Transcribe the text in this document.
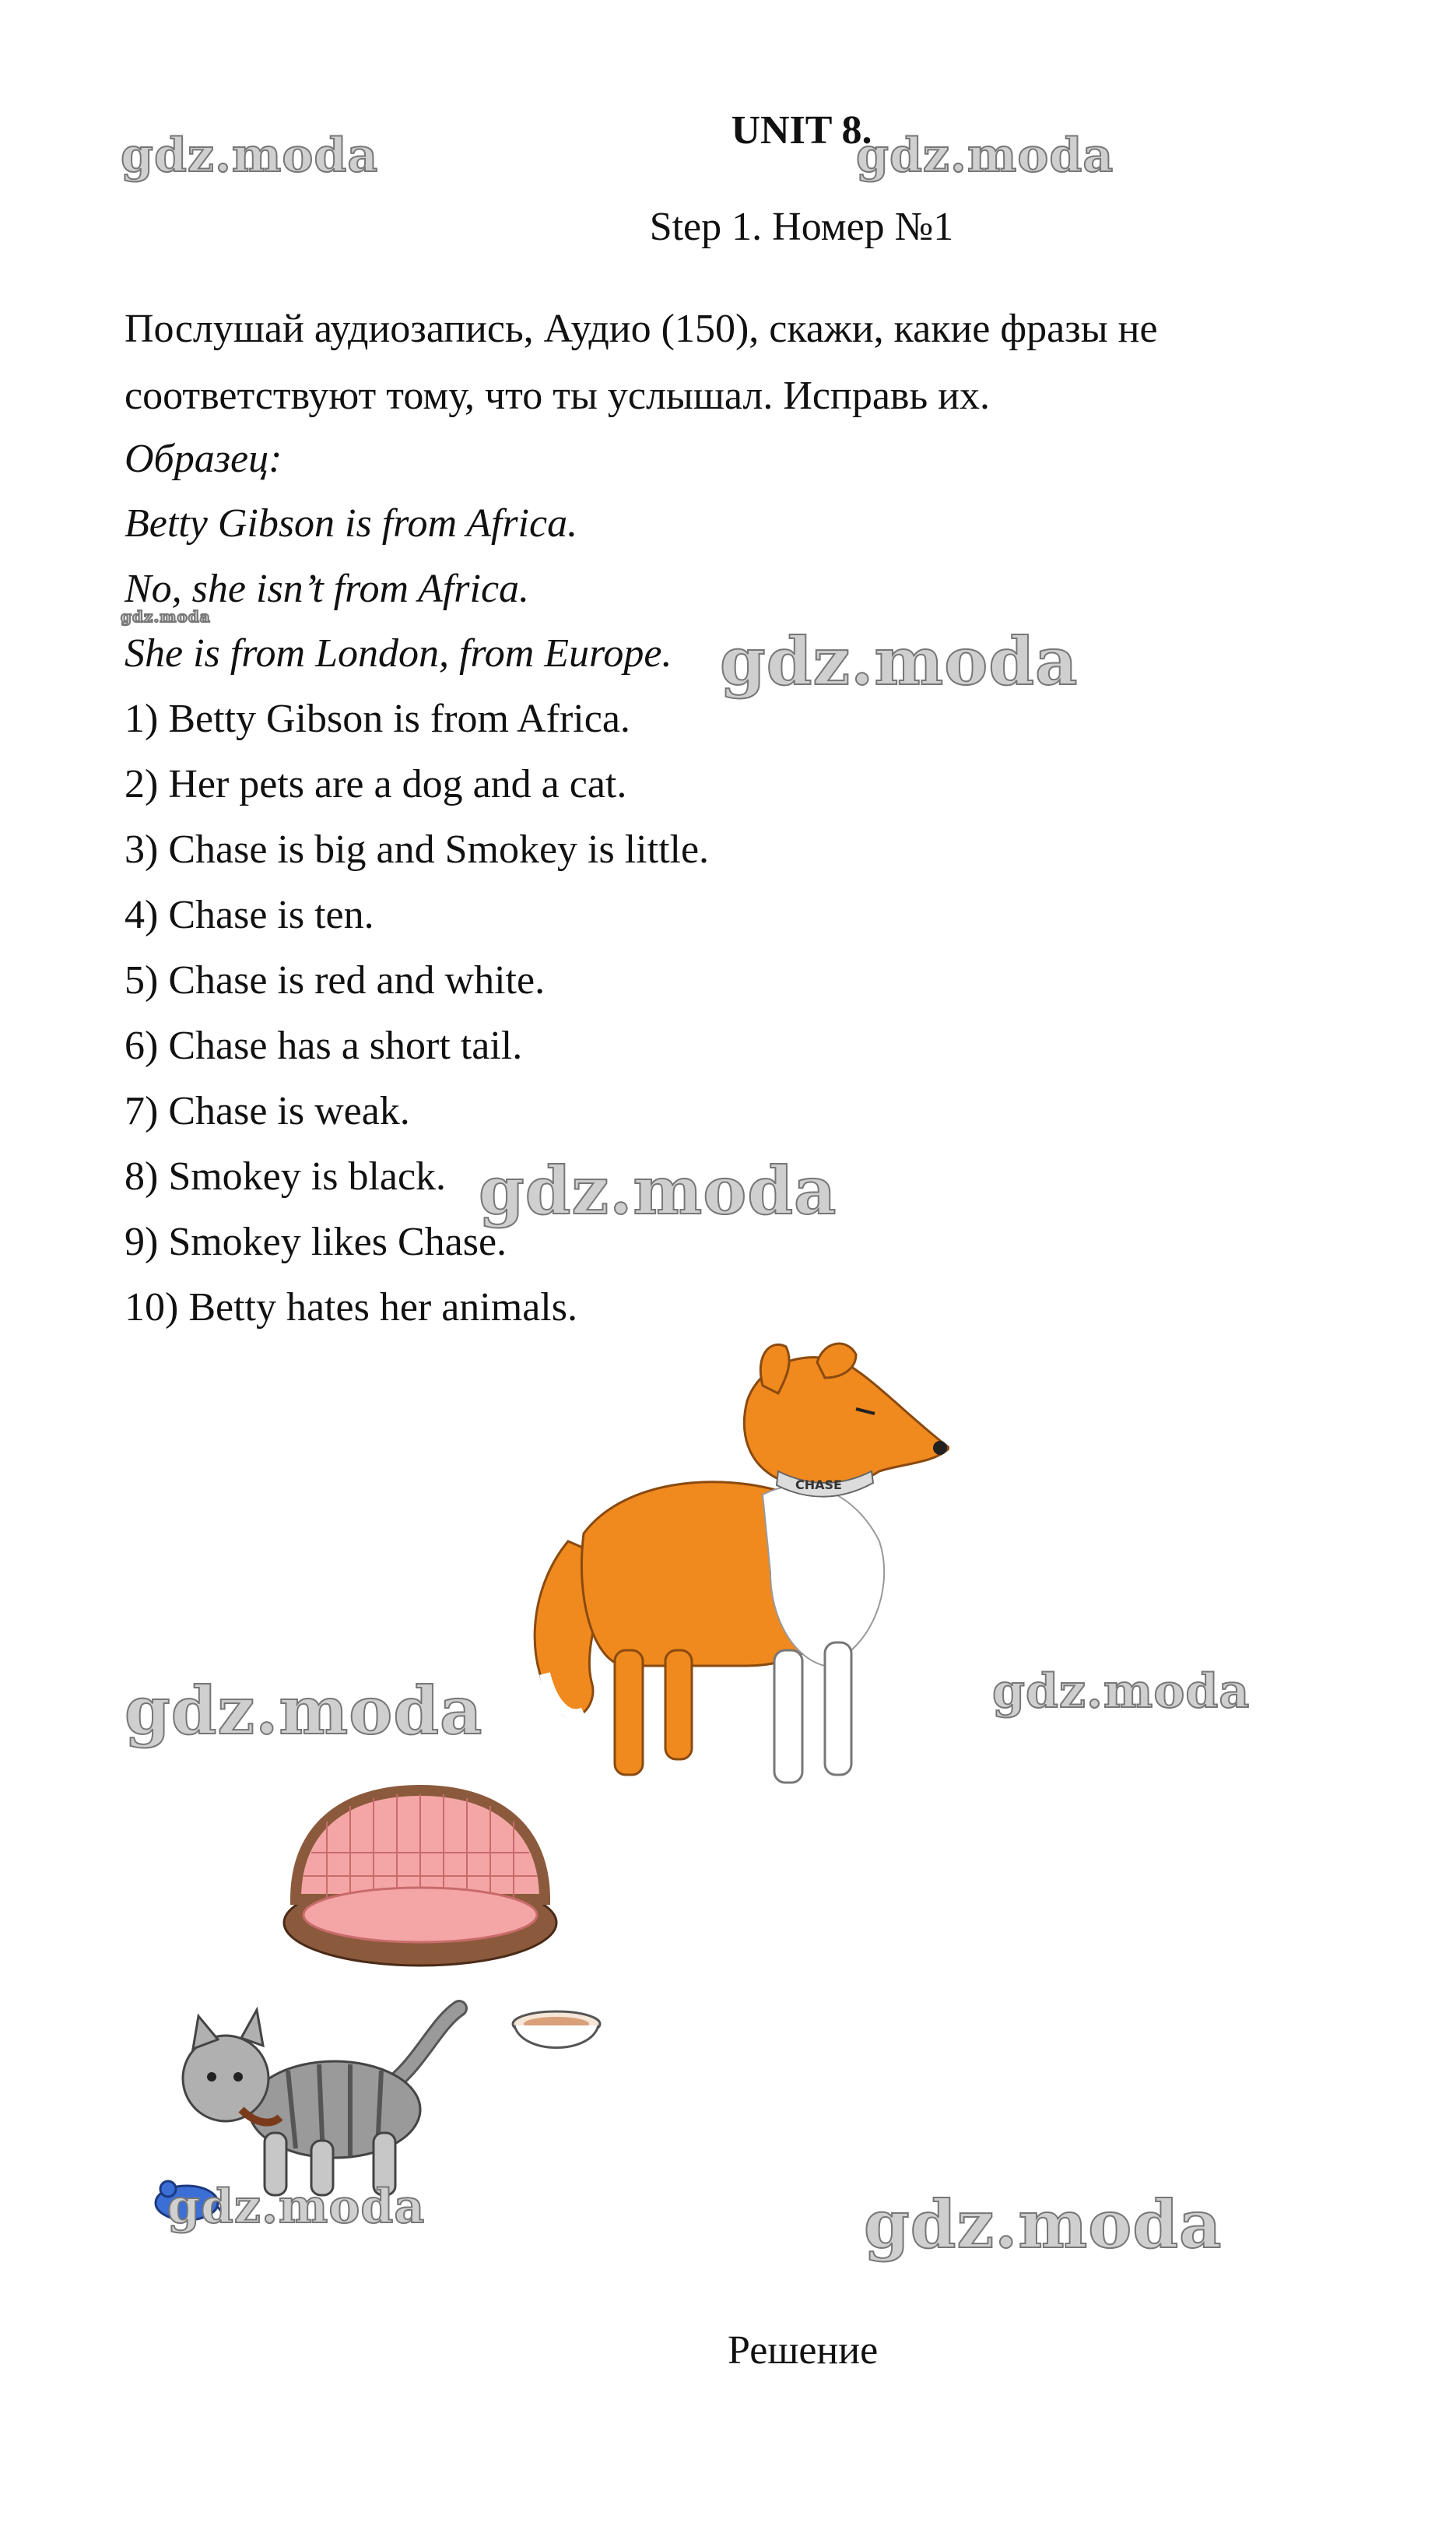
UNIT 8.
Step 1. Номер №1
Послушай аудиозапись, Аудио (150), скажи, какие фразы не
соответствуют тому, что ты услышал. Исправь их.
Образец:
Betty Gibson is from Africa.
No, she isn’t from Africa.
She is from London, from Europe.
1) Betty Gibson is from Africa.
2) Her pets are a dog and a cat.
3) Chase is big and Smokey is little.
4) Chase is ten.
5) Chase is red and white.
6) Chase has a short tail.
7) Chase is weak.
8) Smokey is black.
9) Smokey likes Chase.
10) Betty hates her animals.
CHASE
gdz.moda	gdz.moda
gdz.moda
gdz.moda
gdz.moda
gdz.moda	gdz.moda
gdz.moda	gdz.moda
Решение
